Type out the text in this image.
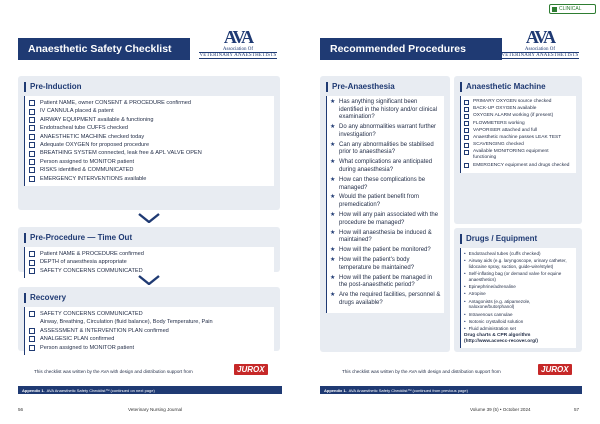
CLINICAL
Anaesthetic Safety Checklist
AVA
Association Of
VETERINARY ANAESTHETISTS
Pre-Induction
Patient NAME, owner CONSENT & PROCEDURE confirmed
IV CANNULA placed & patent
AIRWAY EQUIPMENT available & functioning
Endotracheal tube CUFFS checked
ANAESTHETIC MACHINE checked today
Adequate OXYGEN for proposed procedure
BREATHING SYSTEM connected, leak free & APL VALVE OPEN
Person assigned to MONITOR patient
RISKS identified & COMMUNICATED
EMERGENCY INTERVENTIONS available
Pre-Procedure — Time Out
Patient NAME & PROCEDURE confirmed
DEPTH of anaesthesia appropriate
SAFETY CONCERNS COMMUNICATED
Recovery
SAFETY CONCERNS COMMUNICATED
Airway, Breathing, Circulation (fluid balance), Body Temperature, Pain
ASSESSMENT & INTERVENTION PLAN confirmed
ANALGESIC PLAN confirmed
Person assigned to MONITOR patient
This checklist was written by the AVA with design and distribution support from	JUROX
Appendix 1. AVA Anaesthetic Safety Checklist™ (continued on next page)
56	Veterinary Nursing Journal
Recommended Procedures
AVA
Association Of
VETERINARY ANAESTHETISTS
Pre-Anaesthesia
★ Has anything significant been identified in the history and/or clinical examination?
★ Do any abnormalities warrant further investigation?
★ Can any abnormalities be stabilised prior to anaesthesia?
★ What complications are anticipated during anaesthesia?
★ How can these complications be managed?
★ Would the patient benefit from premedication?
★ How will any pain associated with the procedure be managed?
★ How will anaesthesia be induced & maintained?
★ How will the patient be monitored?
★ How will the patient's body temperature be maintained?
★ How will the patient be managed in the post-anaesthetic period?
★ Are the required facilities, personnel & drugs available?
Anaesthetic Machine
PRIMARY OXYGEN source checked
BACK-UP OXYGEN available
OXYGEN ALARM working (if present)
FLOWMETERS working
VAPORISER attached and full
Anaesthetic machine passes LEAK TEST
SCAVENGING checked
Available MONITORING equipment functioning
EMERGENCY equipment and drugs checked
Drugs / Equipment
• Endotracheal tubes (cuffs checked)
• Airway aids (e.g. laryngoscope, urinary catheter, lidocaine spray, suction, guide-wire/stylet)
• Self-inflating bag (or demand valve for equine anaesthetics)
• Epinephrine/adrenaline
• Atropine
• Antagonists (e.g. atipamezole, naloxone/butorphanol)
• Intravenous cannulae
• Isotonic crystalloid solution
• Fluid administration set
Drug charts & CPR algorithm (http://www.acvecc-recover.org/)
This checklist was written by the AVA with design and distribution support from	JUROX
Appendix 1. AVA Anaesthetic Safety Checklist™ (continued from previous page)
Volume 39 (5) • October 2024	57
